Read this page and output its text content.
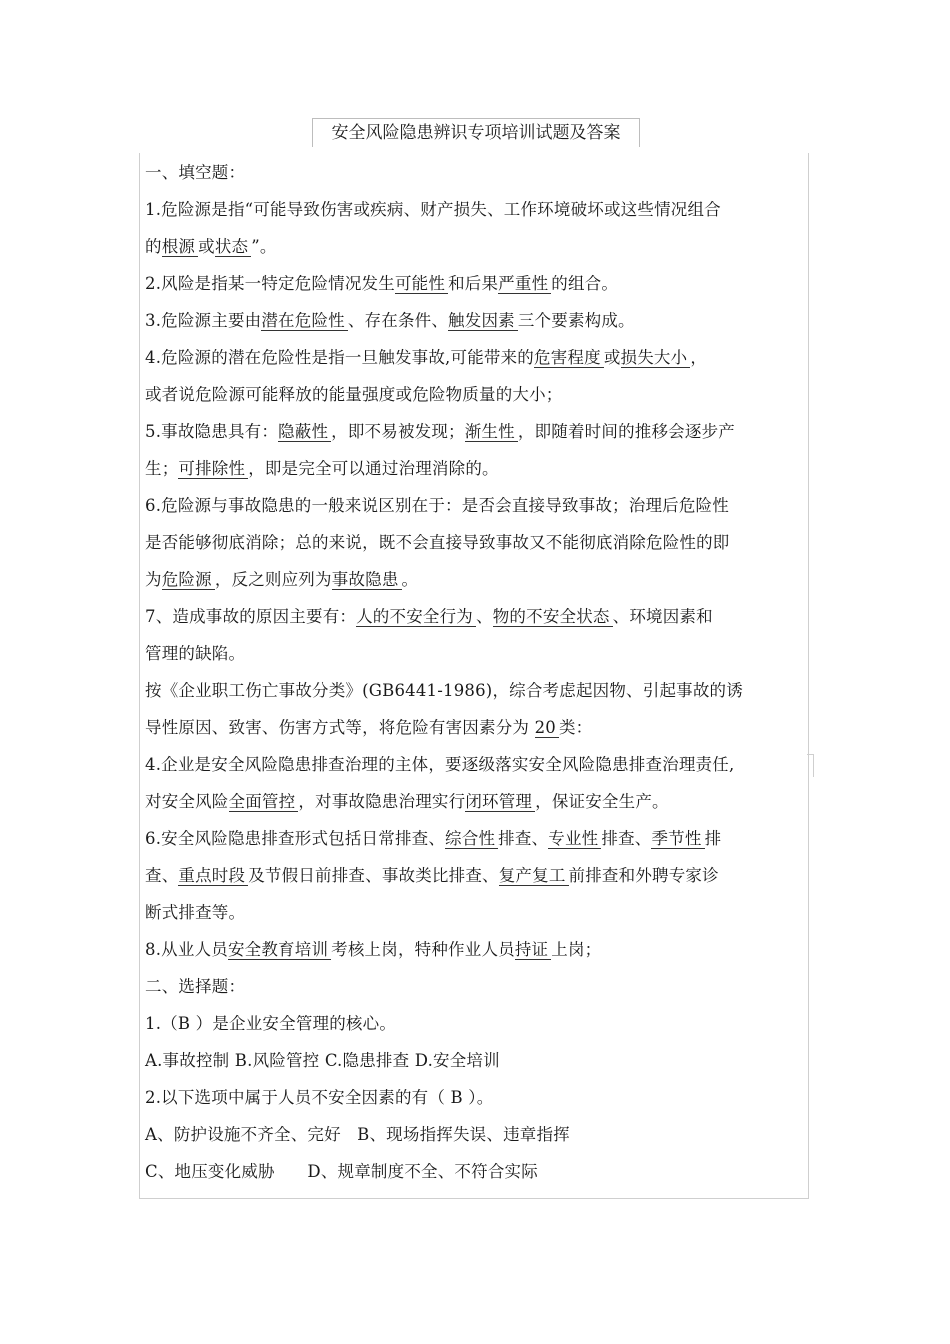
安全风险隐患辨识专项培训试题及答案

一、填空题：

1.危险源是指“可能导致伤害或疾病、财产损失、工作环境破坏或这些情况组合

的根源 或状态 ”。

2.风险是指某一特定危险情况发生可能性 和后果严重性 的组合。

3.危险源主要由潜在危险性 、存在条件、触发因素 三个要素构成。

4.危险源的潜在危险性是指一旦触发事故,可能带来的危害程度 或损失大小 ，

或者说危险源可能释放的能量强度或危险物质量的大小；

5.事故隐患具有：隐蔽性 ，即不易被发现；渐生性 ，即随着时间的推移会逐步产

生；可排除性 ，即是完全可以通过治理消除的。

6.危险源与事故隐患的一般来说区别在于：是否会直接导致事故；治理后危险性

是否能够彻底消除；总的来说，既不会直接导致事故又不能彻底消除危险性的即

为危险源 ，反之则应列为事故隐患 。

7、造成事故的原因主要有：人的不安全行为 、物的不安全状态 、环境因素和

管理的缺陷。

按《企业职工伤亡事故分类》(GB6441-1986)，综合考虑起因物、引起事故的诱

导性原因、致害、伤害方式等，将危险有害因素分为 20 类：

4.企业是安全风险隐患排查治理的主体，要逐级落实安全风险隐患排查治理责任,

对安全风险全面管控 ，对事故隐患治理实行闭环管理 ，保证安全生产。

6.安全风险隐患排查形式包括日常排查、综合性 排查、专业性 排查、季节性 排

查、重点时段 及节假日前排查、事故类比排查、复产复工 前排查和外聘专家诊

断式排查等。

8.从业人员安全教育培训 考核上岗，特种作业人员持证 上岗；

二、选择题：

1.（B ）是企业安全管理的核心。

A.事故控制 B.风险管控 C.隐患排查 D.安全培训

2.以下选项中属于人员不安全因素的有（ B ）。

A、防护设施不齐全、完好   B、现场指挥失误、违章指挥

C、地压变化威胁      D、规章制度不全、不符合实际
